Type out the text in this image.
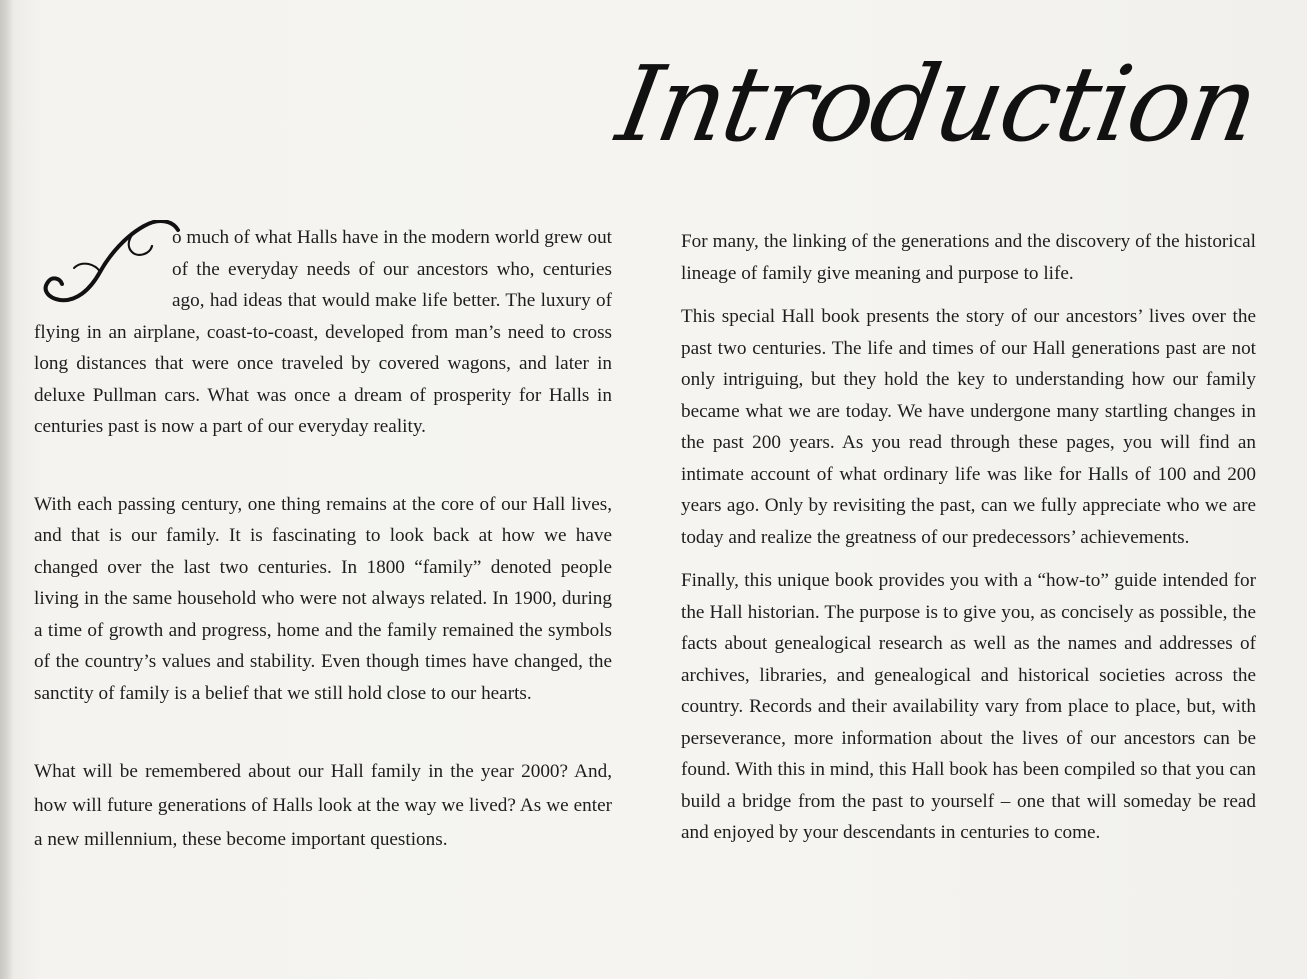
Introduction

S
o much of what Halls have in the modern world grew out of the everyday needs of our ancestors who, centuries ago, had ideas that would make life better. The luxury of flying in an airplane, coast-to-coast, developed from man’s need to cross long distances that were once traveled by covered wagons, and later in deluxe Pullman cars. What was once a dream of prosperity for Halls in centuries past is now a part of our everyday reality.

With each passing century, one thing remains at the core of our Hall lives, and that is our family. It is fascinating to look back at how we have changed over the last two centuries. In 1800 “family” denoted people living in the same household who were not always related. In 1900, during a time of growth and progress, home and the family remained the symbols of the country’s values and stability. Even though times have changed, the sanctity of family is a belief that we still hold close to our hearts.

What will be remembered about our Hall family in the year 2000? And, how will future generations of Halls look at the way we lived? As we enter a new millennium, these become important questions.

For many, the linking of the generations and the discovery of the historical lineage of family give meaning and purpose to life.

This special Hall book presents the story of our ancestors’ lives over the past two centuries. The life and times of our Hall generations past are not only intriguing, but they hold the key to understanding how our family became what we are today. We have undergone many startling changes in the past 200 years. As you read through these pages, you will find an intimate account of what ordinary life was like for Halls of 100 and 200 years ago. Only by revisiting the past, can we fully appreciate who we are today and realize the greatness of our predecessors’ achievements.

Finally, this unique book provides you with a “how-to” guide intended for the Hall historian. The purpose is to give you, as concisely as possible, the facts about genealogical research as well as the names and addresses of archives, libraries, and genealogical and historical societies across the country. Records and their availability vary from place to place, but, with perseverance, more information about the lives of our ancestors can be found. With this in mind, this Hall book has been compiled so that you can build a bridge from the past to yourself – one that will someday be read and enjoyed by your descendants in centuries to come.
